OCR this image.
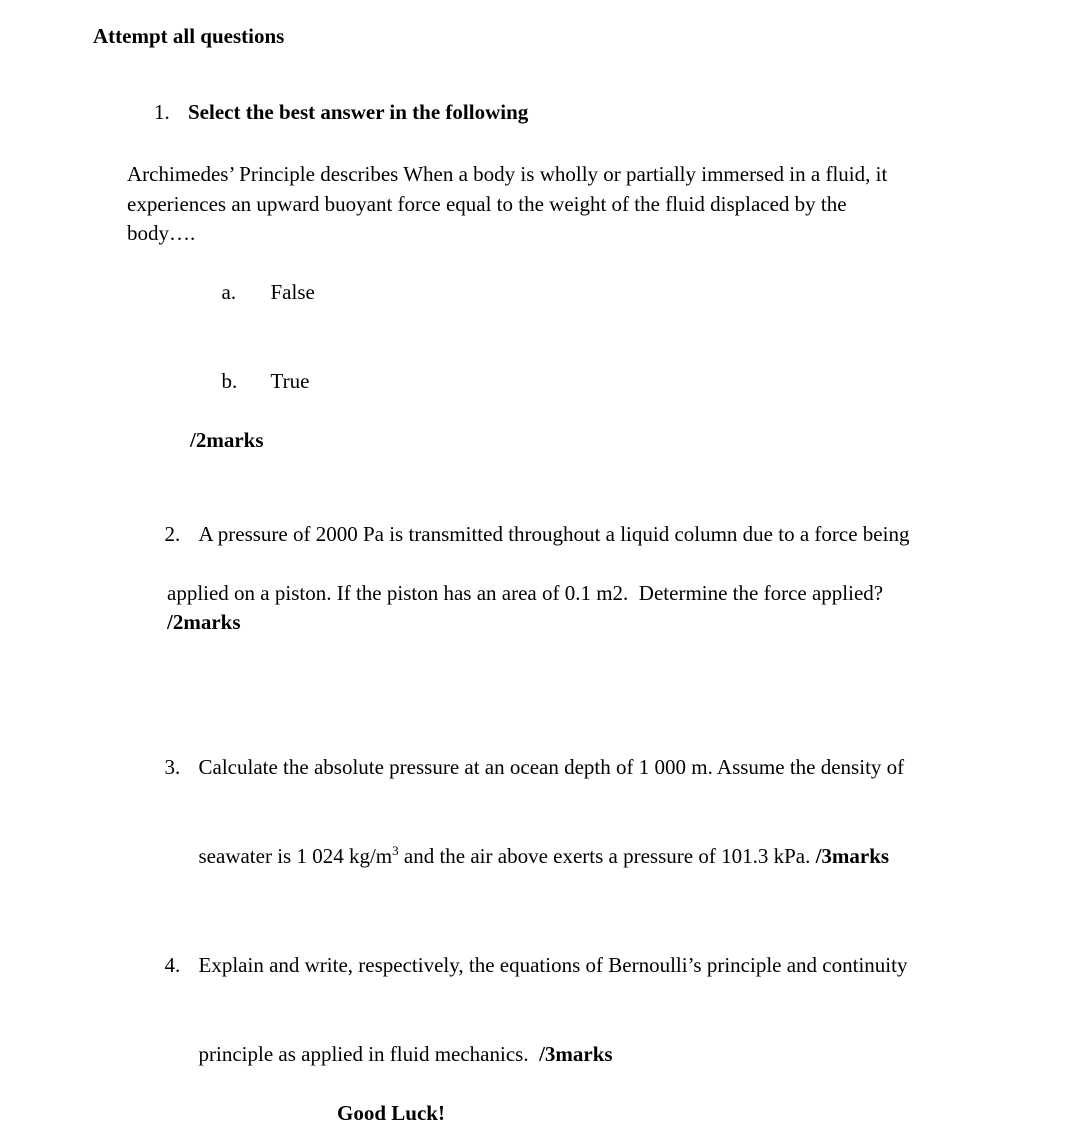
Attempt all questions

1. Select the best answer in the following

Archimedes’ Principle describes When a body is wholly or partially immersed in a fluid, it
experiences an upward buoyant force equal to the weight of the fluid displaced by the
body….

a. False

b. True

/2marks

2. A pressure of 2000 Pa is transmitted throughout a liquid column due to a force being

applied on a piston. If the piston has an area of 0.1 m2.  Determine the force applied?
/2marks

3. Calculate the absolute pressure at an ocean depth of 1 000 m. Assume the density of

seawater is 1 024 $kg/m^3$ and the air above exerts a pressure of 101.3 kPa. /3marks

4. Explain and write, respectively, the equations of Bernoulli’s principle and continuity

principle as applied in fluid mechanics.  /3marks

Good Luck!
